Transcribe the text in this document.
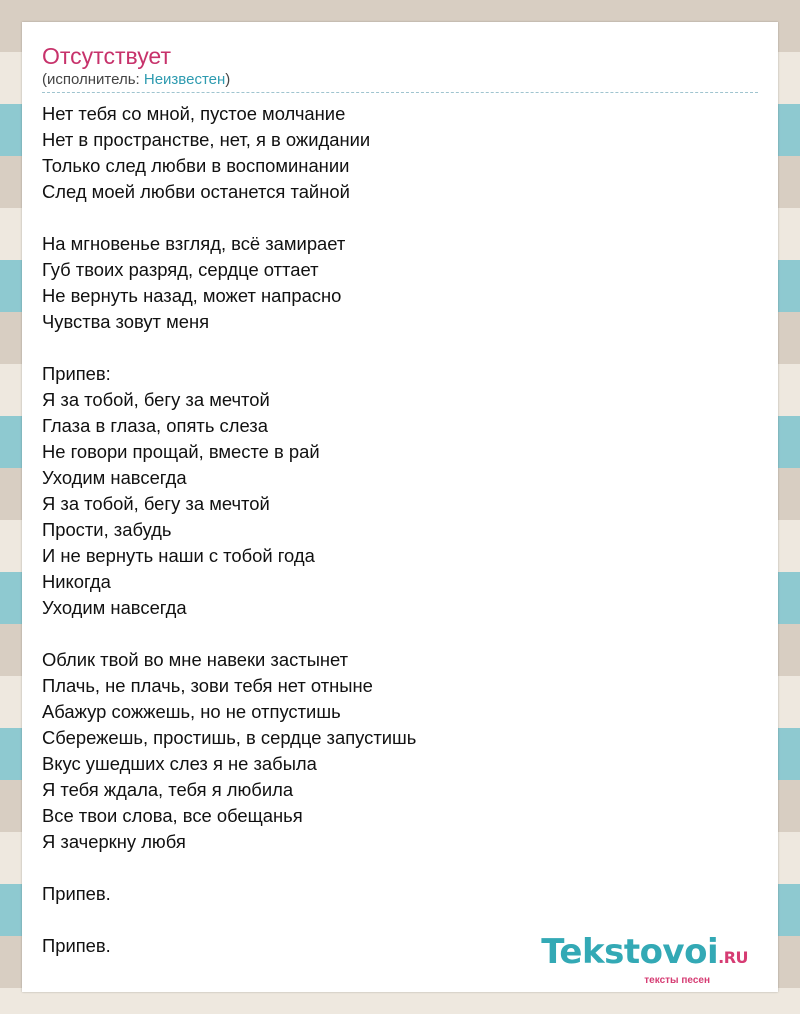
Отсутствует
(исполнитель: Неизвестен)
Нет тебя со мной, пустое молчание
Нет в пространстве, нет, я в ожидании
Только след любви в воспоминании
След моей любви останется тайной
На мгновенье взгляд, всё замирает
Губ твоих разряд, сердце оттает
Не вернуть назад, может напрасно
Чувства зовут меня
Припев:
Я за тобой, бегу за мечтой
Глаза в глаза, опять слеза
Не говори прощай, вместе в рай
Уходим навсегда
Я за тобой, бегу за мечтой
Прости, забудь
И не вернуть наши с тобой года
Никогда
Уходим навсегда
Облик твой во мне навеки застынет
Плачь, не плачь, зови тебя нет отныне
Абажур сожжешь, но не отпустишь
Сбережешь, простишь, в сердце запустишь
Вкус ушедших слез я не забыла
Я тебя ждала, тебя я любила
Все твои слова, все обещанья
Я зачеркну любя
Припев.
Припев.	Tekstovoi.RU
тексты песен
